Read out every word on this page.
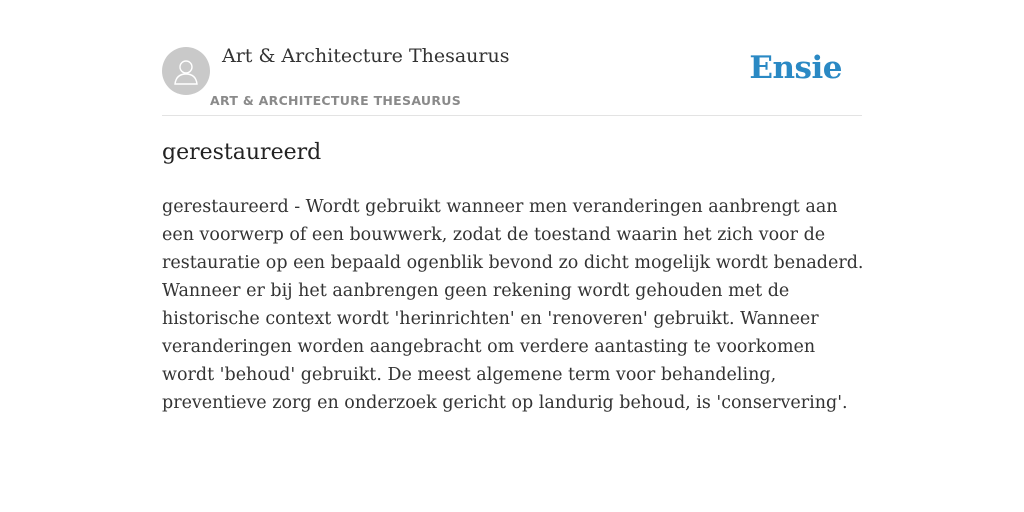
Art & Architecture Thesaurus
ART & ARCHITECTURE THESAURUS
Ensie
gerestaureerd

gerestaureerd - Wordt gebruikt wanneer men veranderingen aanbrengt aan een voorwerp of een bouwwerk, zodat de toestand waarin het zich voor de restauratie op een bepaald ogenblik bevond zo dicht mogelijk wordt benaderd. Wanneer er bij het aanbrengen geen rekening wordt gehouden met de historische context wordt 'herinrichten' en 'renoveren' gebruikt. Wanneer veranderingen worden aangebracht om verdere aantasting te voorkomen wordt 'behoud' gebruikt. De meest algemene term voor behandeling, preventieve zorg en onderzoek gericht op landurig behoud, is 'conservering'.
